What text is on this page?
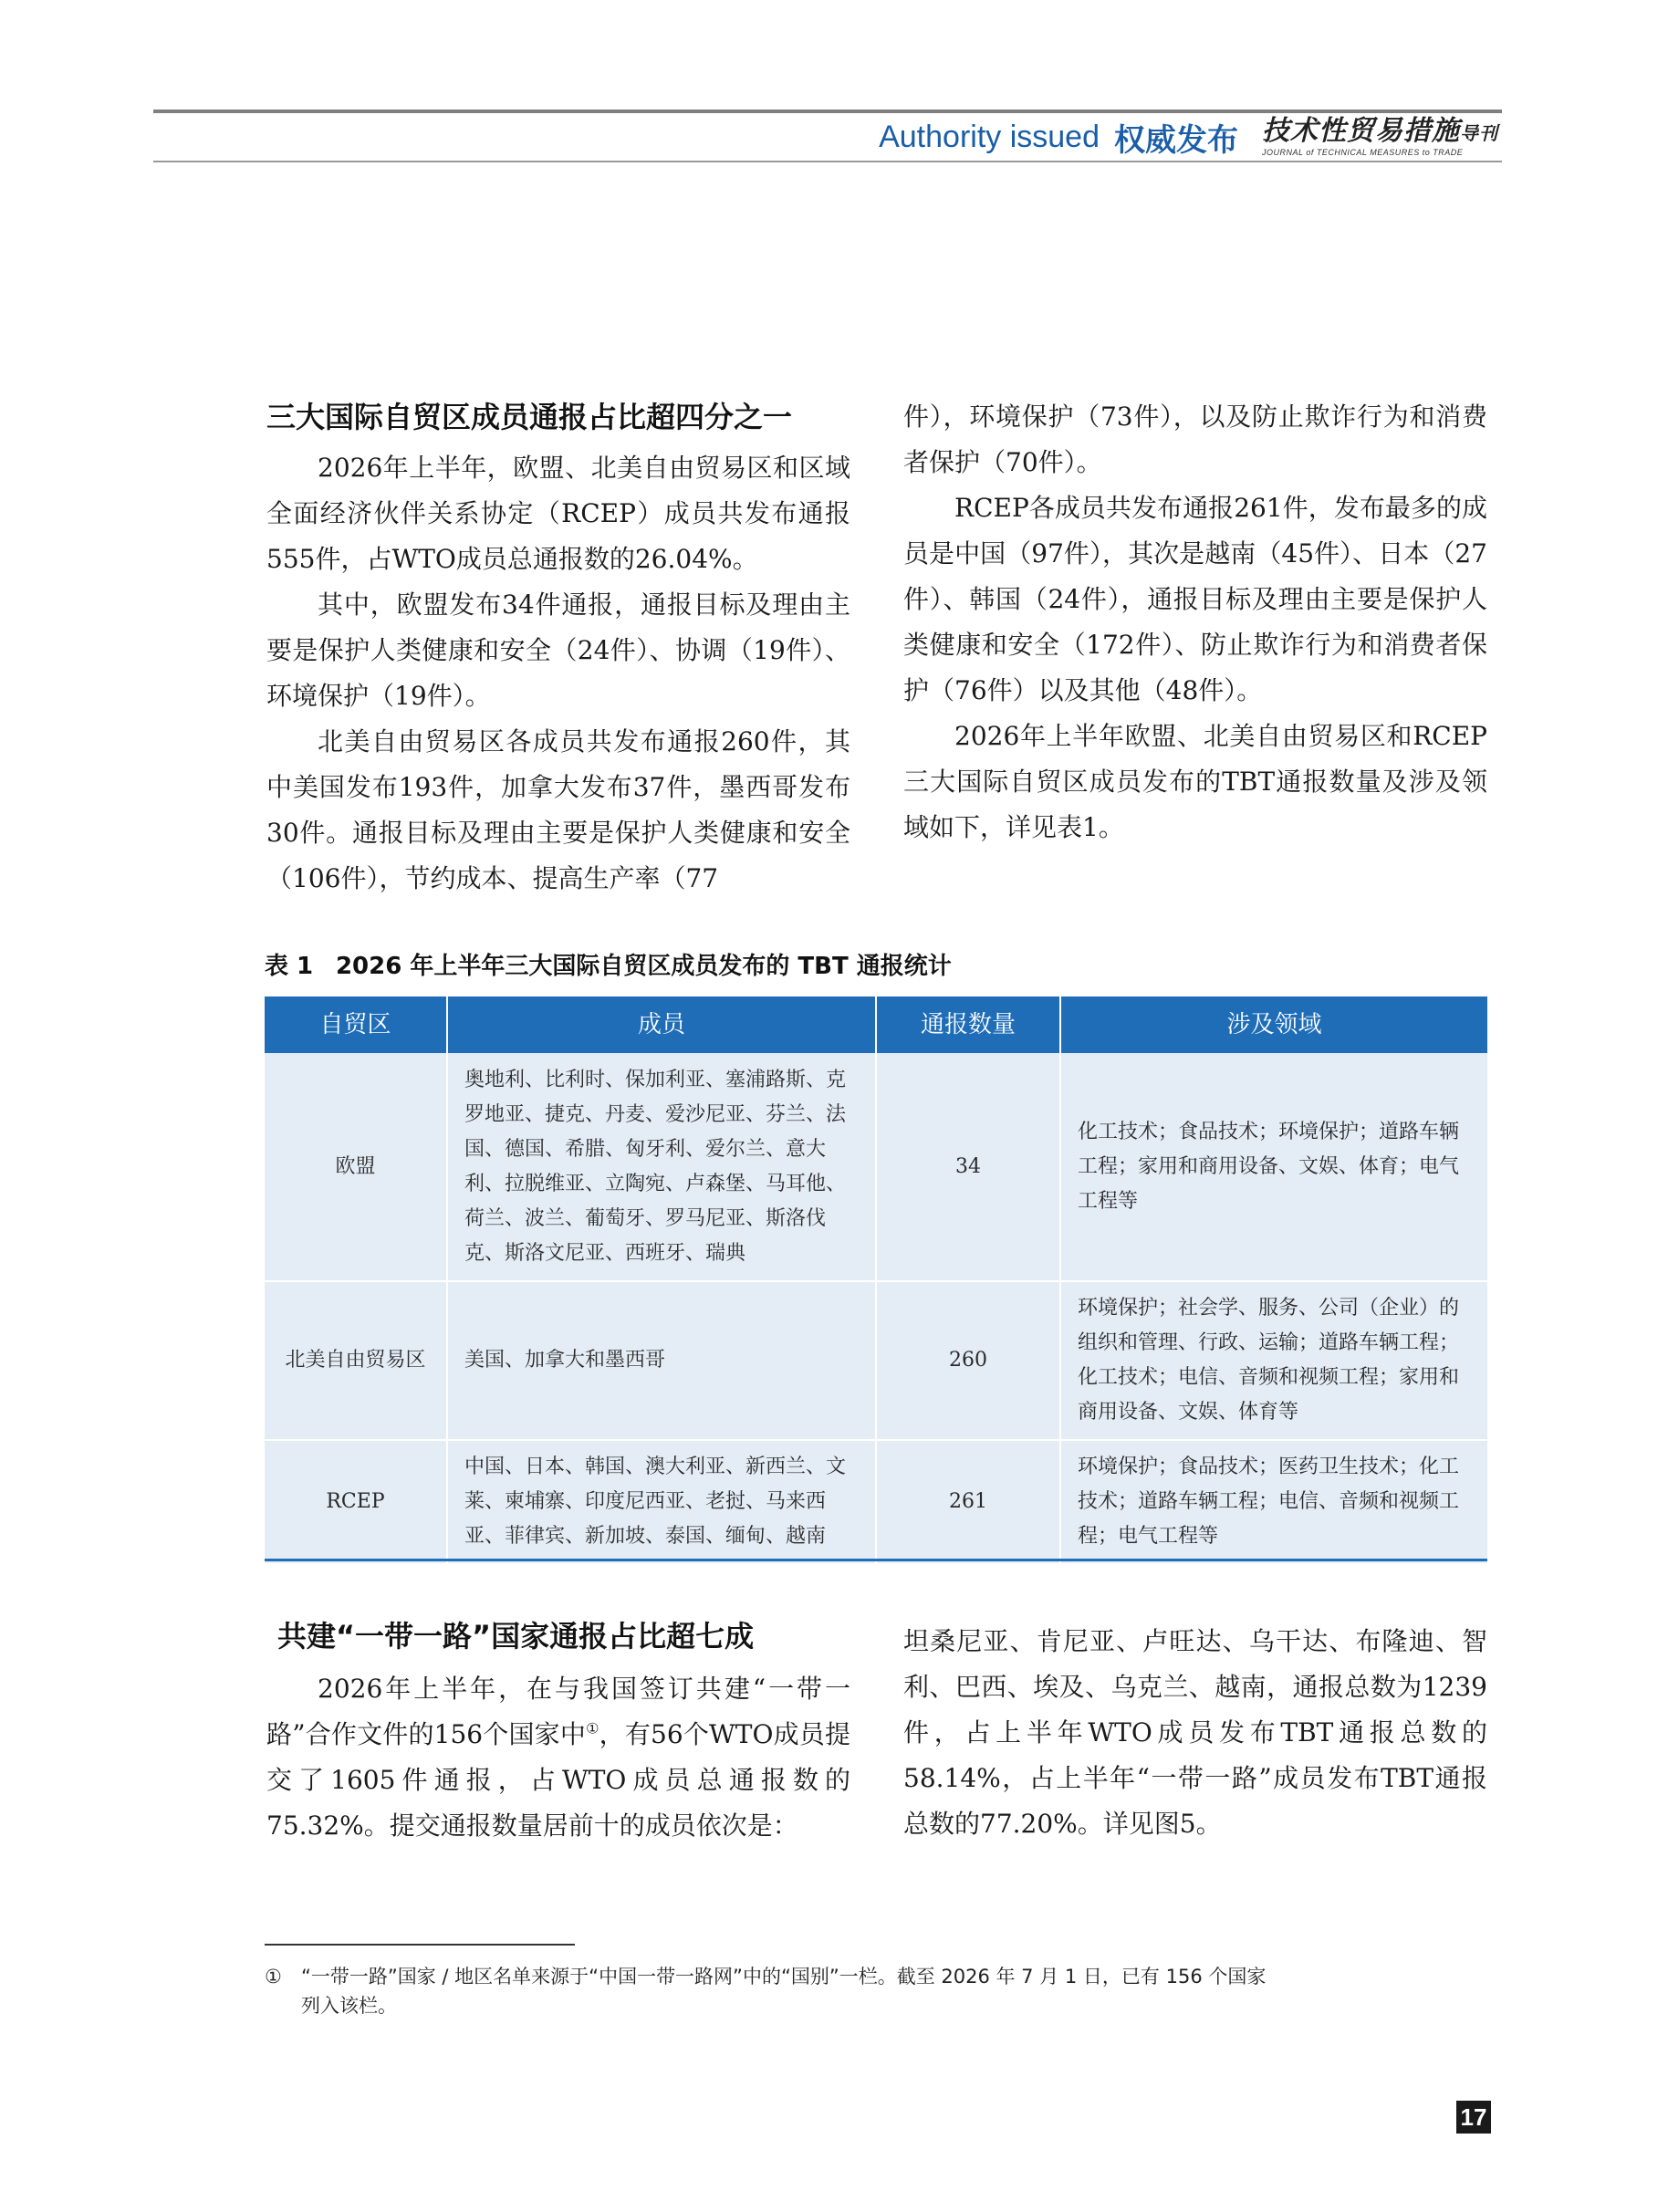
Authority issued 权威发布 技术性贸易措施导刊
JOURNAL of TECHNICAL MEASURES to TRADE
三大国际自贸区成员通报占比超四分之一

2026年上半年，欧盟、北美自由贸易区和区域全面经济伙伴关系协定（RCEP）成员共发布通报555件，占WTO成员总通报数的26.04%。

其中，欧盟发布34件通报，通报目标及理由主要是保护人类健康和安全（24件）、协调（19件）、环境保护（19件）。

北美自由贸易区各成员共发布通报260件，其中美国发布193件，加拿大发布37件，墨西哥发布30件。通报目标及理由主要是保护人类健康和安全（106件），节约成本、提高生产率（77

件），环境保护（73件），以及防止欺诈行为和消费者保护（70件）。

RCEP各成员共发布通报261件，发布最多的成员是中国（97件），其次是越南（45件）、日本（27件）、韩国（24件），通报目标及理由主要是保护人类健康和安全（172件）、防止欺诈行为和消费者保护（76件）以及其他（48件）。

2026年上半年欧盟、北美自由贸易区和RCEP三大国际自贸区成员发布的TBT通报数量及涉及领域如下，详见表1。

表 1 2026 年上半年三大国际自贸区成员发布的 TBT 通报统计
自贸区	成员	通报数量	涉及领域
欧盟	奥地利、比利时、保加利亚、塞浦路斯、克罗地亚、捷克、丹麦、爱沙尼亚、芬兰、法国、德国、希腊、匈牙利、爱尔兰、意大利、拉脱维亚、立陶宛、卢森堡、马耳他、荷兰、波兰、葡萄牙、罗马尼亚、斯洛伐克、斯洛文尼亚、西班牙、瑞典	34	化工技术；食品技术；环境保护；道路车辆工程；家用和商用设备、文娱、体育；电气工程等
北美自由贸易区	美国、加拿大和墨西哥	260	环境保护；社会学、服务、公司（企业）的组织和管理、行政、运输；道路车辆工程；化工技术；电信、音频和视频工程；家用和商用设备、文娱、体育等
RCEP	中国、日本、韩国、澳大利亚、新西兰、文莱、柬埔寨、印度尼西亚、老挝、马来西亚、菲律宾、新加坡、泰国、缅甸、越南	261	环境保护；食品技术；医药卫生技术；化工技术；道路车辆工程；电信、音频和视频工程；电气工程等
共建“一带一路”国家通报占比超七成

2026年上半年，在与我国签订共建“一带一路”合作文件的156个国家中①，有56个WTO成员提交了1605件通报，占WTO成员总通报数的75.32%。提交通报数量居前十的成员依次是：

坦桑尼亚、肯尼亚、卢旺达、乌干达、布隆迪、智利、巴西、埃及、乌克兰、越南，通报总数为1239件，占上半年WTO成员发布TBT通报总数的58.14%，占上半年“一带一路”成员发布TBT通报总数的77.20%。详见图5。

① “一带一路”国家 / 地区名单来源于“中国一带一路网”中的“国别”一栏。截至 2026 年 7 月 1 日，已有 156 个国家
列入该栏。
17
